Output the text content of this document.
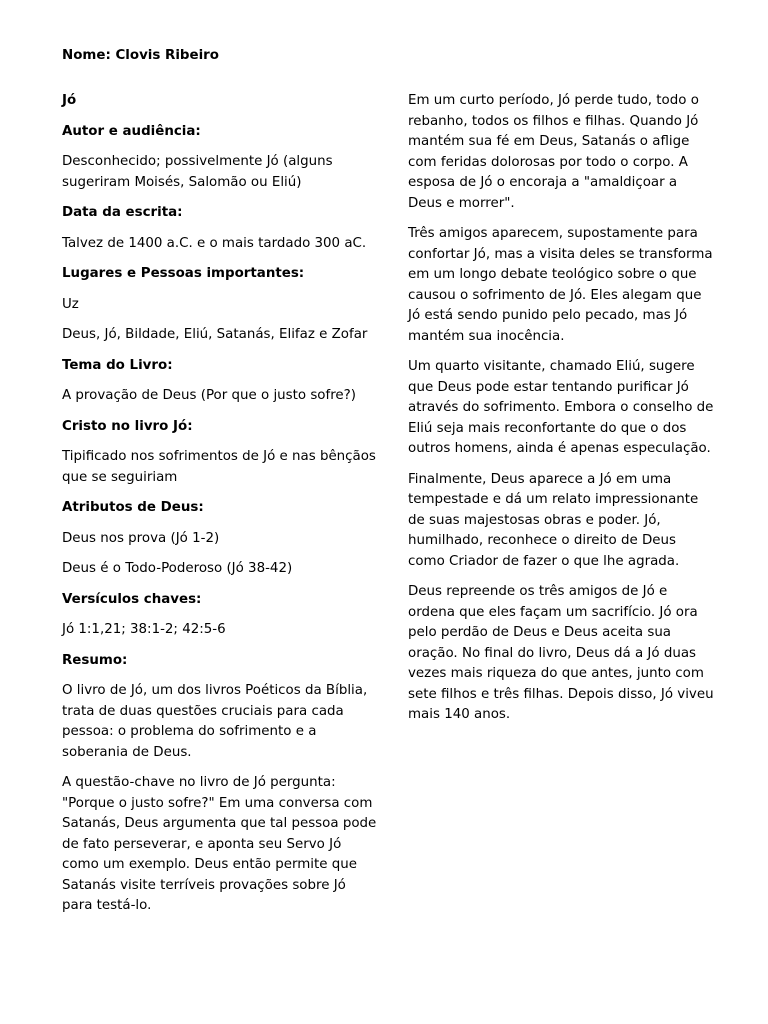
Nome: Clovis Ribeiro

Jó
Autor e audiência:

Desconhecido; possivelmente Jó (alguns sugeriram Moisés, Salomão ou Eliú)

Data da escrita:

Talvez de 1400 a.C. e o mais tardado 300 aC.

Lugares e Pessoas importantes:

Uz

Deus, Jó, Bildade, Eliú, Satanás, Elifaz e Zofar

Tema do Livro:

A provação de Deus (Por que o justo sofre?)

Cristo no livro Jó:

Tipificado nos sofrimentos de Jó e nas bênçãos que se seguiriam

Atributos de Deus:

Deus nos prova (Jó 1-2)

Deus é o Todo-Poderoso (Jó 38-42)

Versículos chaves:

Jó 1:1,21; 38:1-2; 42:5-6

Resumo:

O livro de Jó, um dos livros Poéticos da Bíblia, trata de duas questões cruciais para cada pessoa: o problema do sofrimento e a soberania de Deus.

A questão-chave no livro de Jó pergunta: "Porque o justo sofre?" Em uma conversa com Satanás, Deus argumenta que tal pessoa pode de fato perseverar, e aponta seu Servo Jó como um exemplo. Deus então permite que Satanás visite terríveis provações sobre Jó para testá-lo.

Em um curto período, Jó perde tudo, todo o rebanho, todos os filhos e filhas. Quando Jó mantém sua fé em Deus, Satanás o aflige com feridas dolorosas por todo o corpo. A esposa de Jó o encoraja a "amaldiçoar a Deus e morrer".

Três amigos aparecem, supostamente para confortar Jó, mas a visita deles se transforma em um longo debate teológico sobre o que causou o sofrimento de Jó. Eles alegam que Jó está sendo punido pelo pecado, mas Jó mantém sua inocência.

Um quarto visitante, chamado Eliú, sugere que Deus pode estar tentando purificar Jó através do sofrimento. Embora o conselho de Eliú seja mais reconfortante do que o dos outros homens, ainda é apenas especulação.

Finalmente, Deus aparece a Jó em uma tempestade e dá um relato impressionante de suas majestosas obras e poder. Jó, humilhado, reconhece o direito de Deus como Criador de fazer o que lhe agrada.

Deus repreende os três amigos de Jó e ordena que eles façam um sacrifício. Jó ora pelo perdão de Deus e Deus aceita sua oração. No final do livro, Deus dá a Jó duas vezes mais riqueza do que antes, junto com sete filhos e três filhas. Depois disso, Jó viveu mais 140 anos.
